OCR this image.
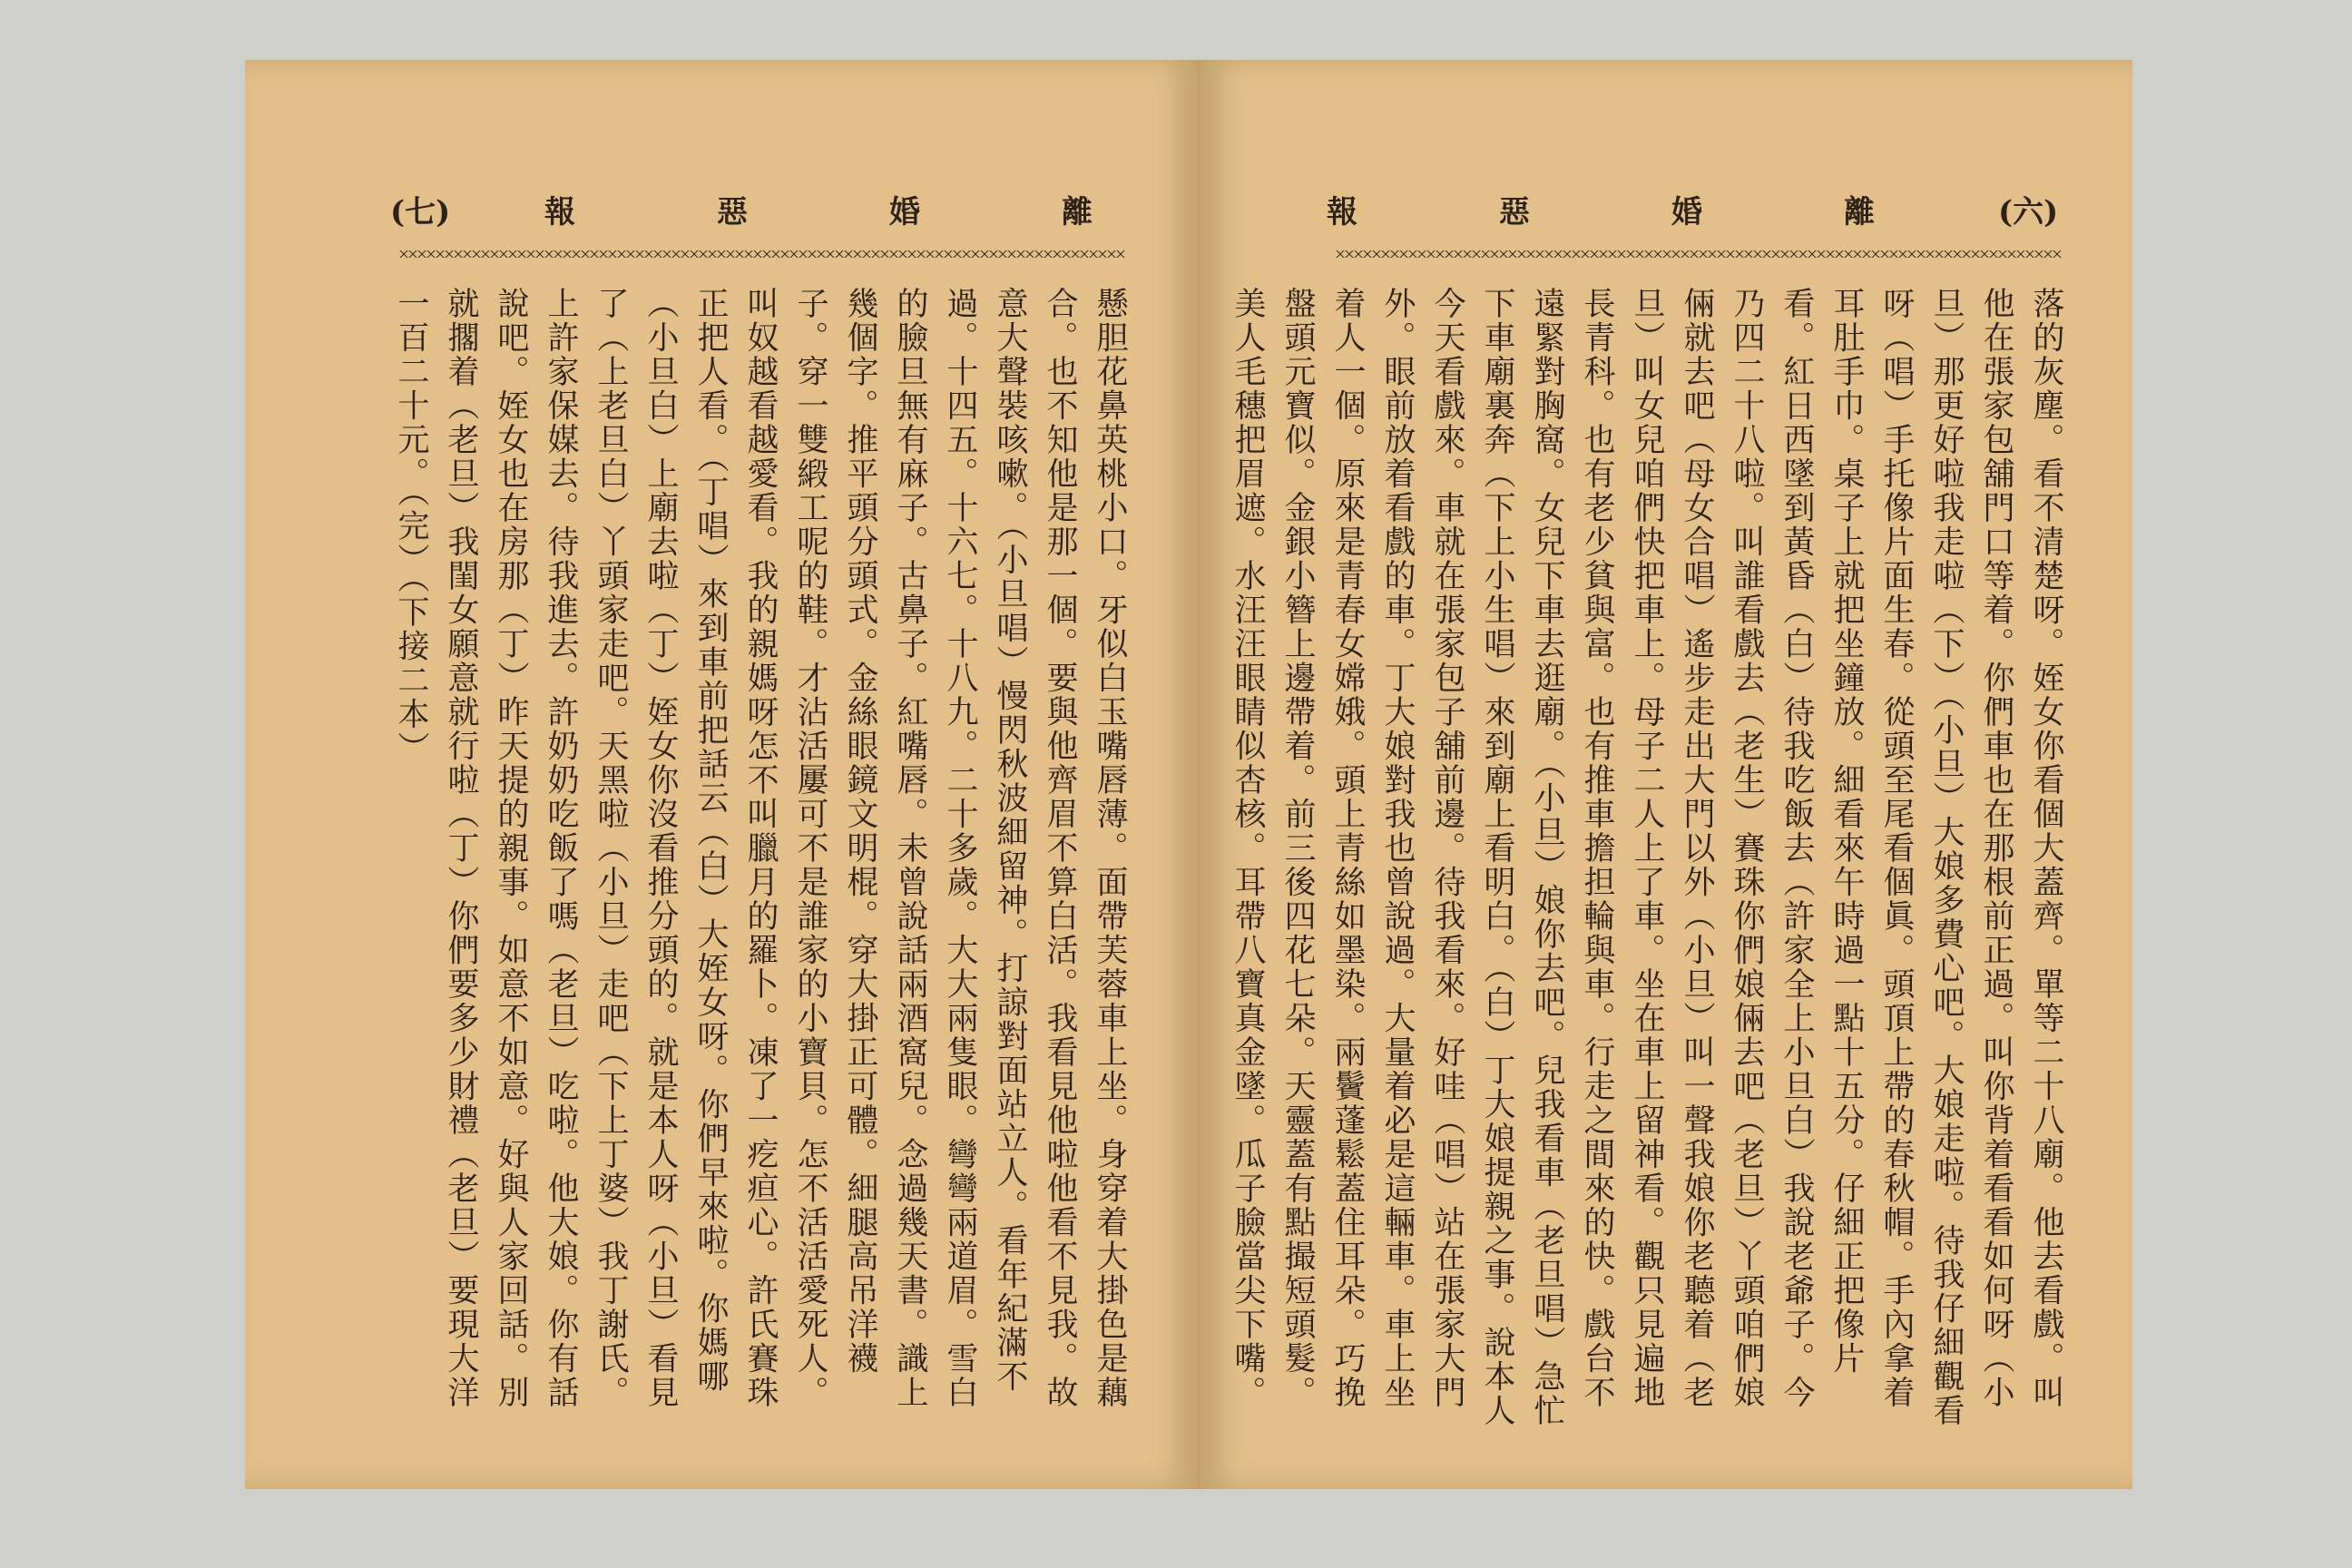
(七)	報	惡	婚	離

懸胆花鼻英桃小口。牙似白玉嘴唇薄。面帶芙蓉車上坐。身穿着大掛色是藕合。也不知他是那一個。要與他齊眉不算白活。我看見他啦他看不見我。故意大聲裝咳嗽。（小旦唱）慢閃秋波細留神。打諒對面站立人。看年紀滿不過。十四五。十六七。十八九。二十多歲。大大兩隻眼。彎彎兩道眉。雪白的臉旦無有麻子。古鼻子。紅嘴唇。未曾說話兩酒窩兒。念過幾天書。識上幾個字。推平頭分頭式。金絲眼鏡文明棍。穿大掛正可體。細腿高吊洋襪子。穿一雙緞工呢的鞋。才沾活屢可不是誰家的小寶貝。怎不活活愛死人。叫奴越看越愛看。我的親媽呀怎不叫臘月的羅卜。凍了一疙疸心。許氏賽珠正把人看。（丁唱）來到車前把話云（白）大姪女呀。你們早來啦。你媽哪（小旦白）上廟去啦（丁）姪女你沒看推分頭的。就是本人呀（小旦）看見了（上老旦白）丫頭家走吧。天黑啦（小旦）走吧（下上丁婆）我丁謝氏。上許家保媒去。待我進去。許奶奶吃飯了嗎（老旦）吃啦。他大娘。你有話說吧。姪女也在房那（丁）昨天提的親事。如意不如意。好與人家回話。別就擱着（老旦）我閨女願意就行啦（丁）你們要多少財禮（老旦）要現大洋一百二十元。（完）（下接二本）

報	惡	婚	離	(六)

落的灰塵。看不清楚呀。姪女你看個大蓋齊。單等二十八廟。他去看戲。叫他在張家包舖門口等着。你們車也在那根前正過。叫你背着看看如何呀（小旦）那更好啦我走啦（下）（小旦）大娘多費心吧。大娘走啦。待我仔細觀看呀（唱）手托像片面生春。從頭至尾看個眞。頭頂上帶的春秋帽。手內拿着耳肚手巾。桌子上就把坐鐘放。細看來午時過一點十五分。仔細正把像片看。紅日西墜到黃昏（白）待我吃飯去（許家全上小旦白）我說老爺子。今乃四二十八啦。叫誰看戲去（老生）賽珠你們娘倆去吧（老旦）丫頭咱們娘倆就去吧（母女合唱）遙步走出大門以外（小旦）叫一聲我娘你老聽着（老旦）叫女兒咱們快把車上。母子二人上了車。坐在車上留神看。觀只見遍地長青科。也有老少貧與富。也有推車擔担輪與車。行走之間來的快。戲台不遠緊對胸窩。女兒下車去逛廟。（小旦）娘你去吧。兒我看車（老旦唱）急忙下車廟裏奔（下上小生唱）來到廟上看明白。（白）丁大娘提親之事。說本人今天看戲來。車就在張家包子舖前邊。待我看來。好哇（唱）站在張家大門外。眼前放着看戲的車。丁大娘對我也曾說過。大量着必是這輛車。車上坐着人一個。原來是青春女嫦娥。頭上青絲如墨染。兩鬢蓬鬆蓋住耳朵。巧挽盤頭元寶似。金銀小簪上邊帶着。前三後四花七朵。天靈蓋有點撮短頭髮。美人毛穗把眉遮。水汪汪眼睛似杏核。耳帶八寶真金墜。瓜子臉當尖下嘴。
